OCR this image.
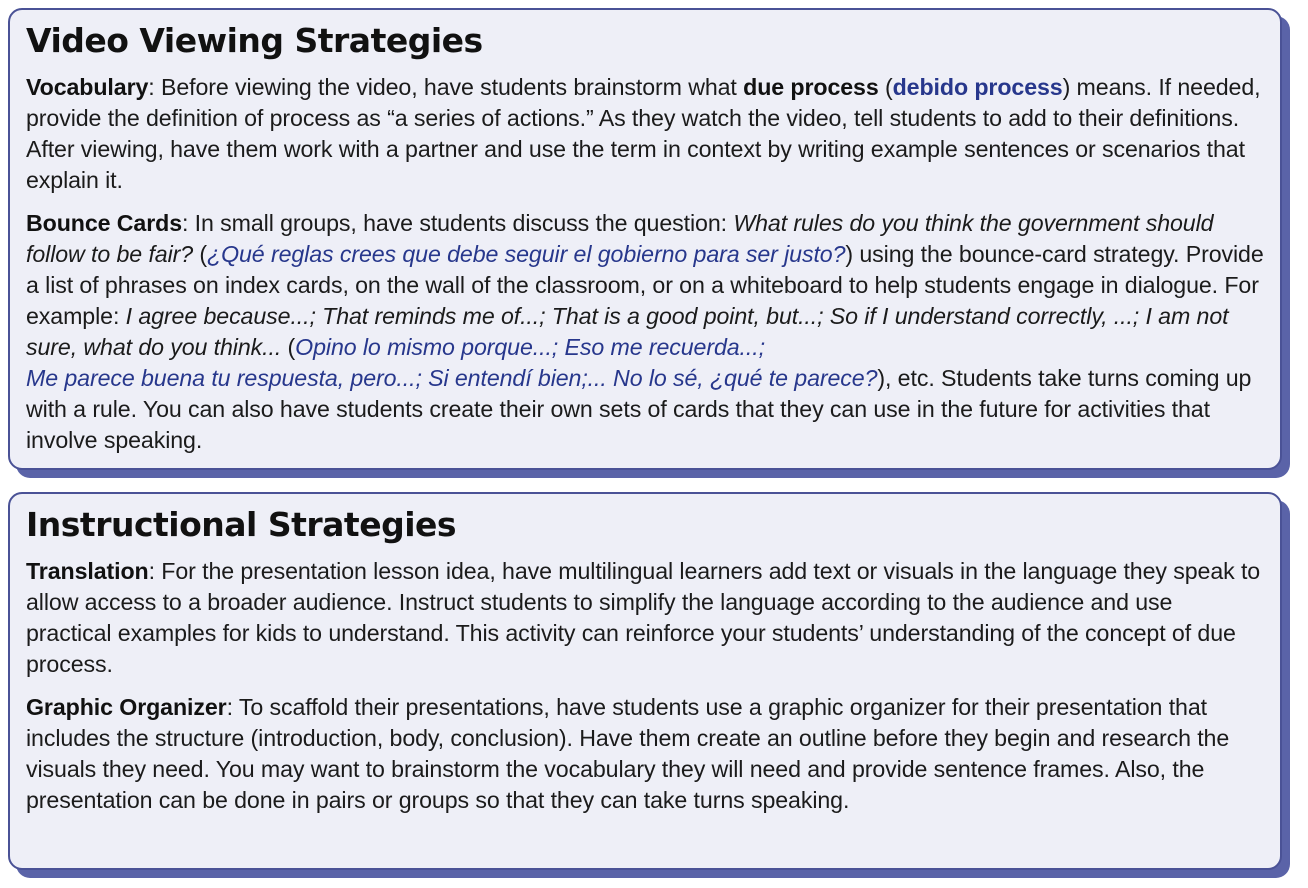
Video Viewing Strategies

Vocabulary: Before viewing the video, have students brainstorm what due process (debido process) means. If needed, provide the definition of process as “a series of actions.” As they watch the video, tell students to add to their definitions. After viewing, have them work with a partner and use the term in context by writing example sentences or scenarios that explain it.

Bounce Cards: In small groups, have students discuss the question: What rules do you think the government should follow to be fair? (¿Qué reglas crees que debe seguir el gobierno para ser justo?) using the bounce-card strategy. Provide a list of phrases on index cards, on the wall of the classroom, or on a whiteboard to help students engage in dialogue. For example: I agree because...; That reminds me of...; That is a good point, but...; So if I understand correctly, ...; I am not sure, what do you think... (Opino lo mismo porque...; Eso me recuerda...;
Me parece buena tu respuesta, pero...; Si entendí bien;... No lo sé, ¿qué te parece?), etc. Students take turns coming up with a rule. You can also have students create their own sets of cards that they can use in the future for activities that involve speaking.

Instructional Strategies

Translation: For the presentation lesson idea, have multilingual learners add text or visuals in the language they speak to allow access to a broader audience. Instruct students to simplify the language according to the audience and use practical examples for kids to understand. This activity can reinforce your students’ understanding of the concept of due process.

Graphic Organizer: To scaffold their presentations, have students use a graphic organizer for their presentation that includes the structure (introduction, body, conclusion). Have them create an outline before they begin and research the visuals they need. You may want to brainstorm the vocabulary they will need and provide sentence frames. Also, the presentation can be done in pairs or groups so that they can take turns speaking.
